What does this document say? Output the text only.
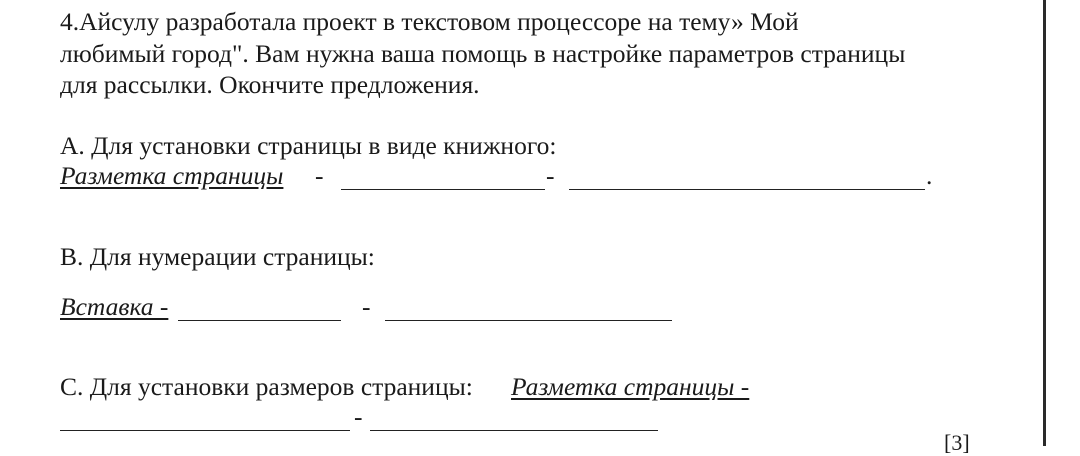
4.Айсулу разработала проект в текстовом процессоре на тему» Мой
любимый город". Вам нужна ваша помощь в настройке параметров страницы
для рассылки. Окончите предложения.
A. Для установки страницы в виде книжного:
Разметка страницы -	-	.
B. Для нумерации страницы:
Вставка -	-
C. Для установки размеров страницы: Разметка страницы -
-
[3]
